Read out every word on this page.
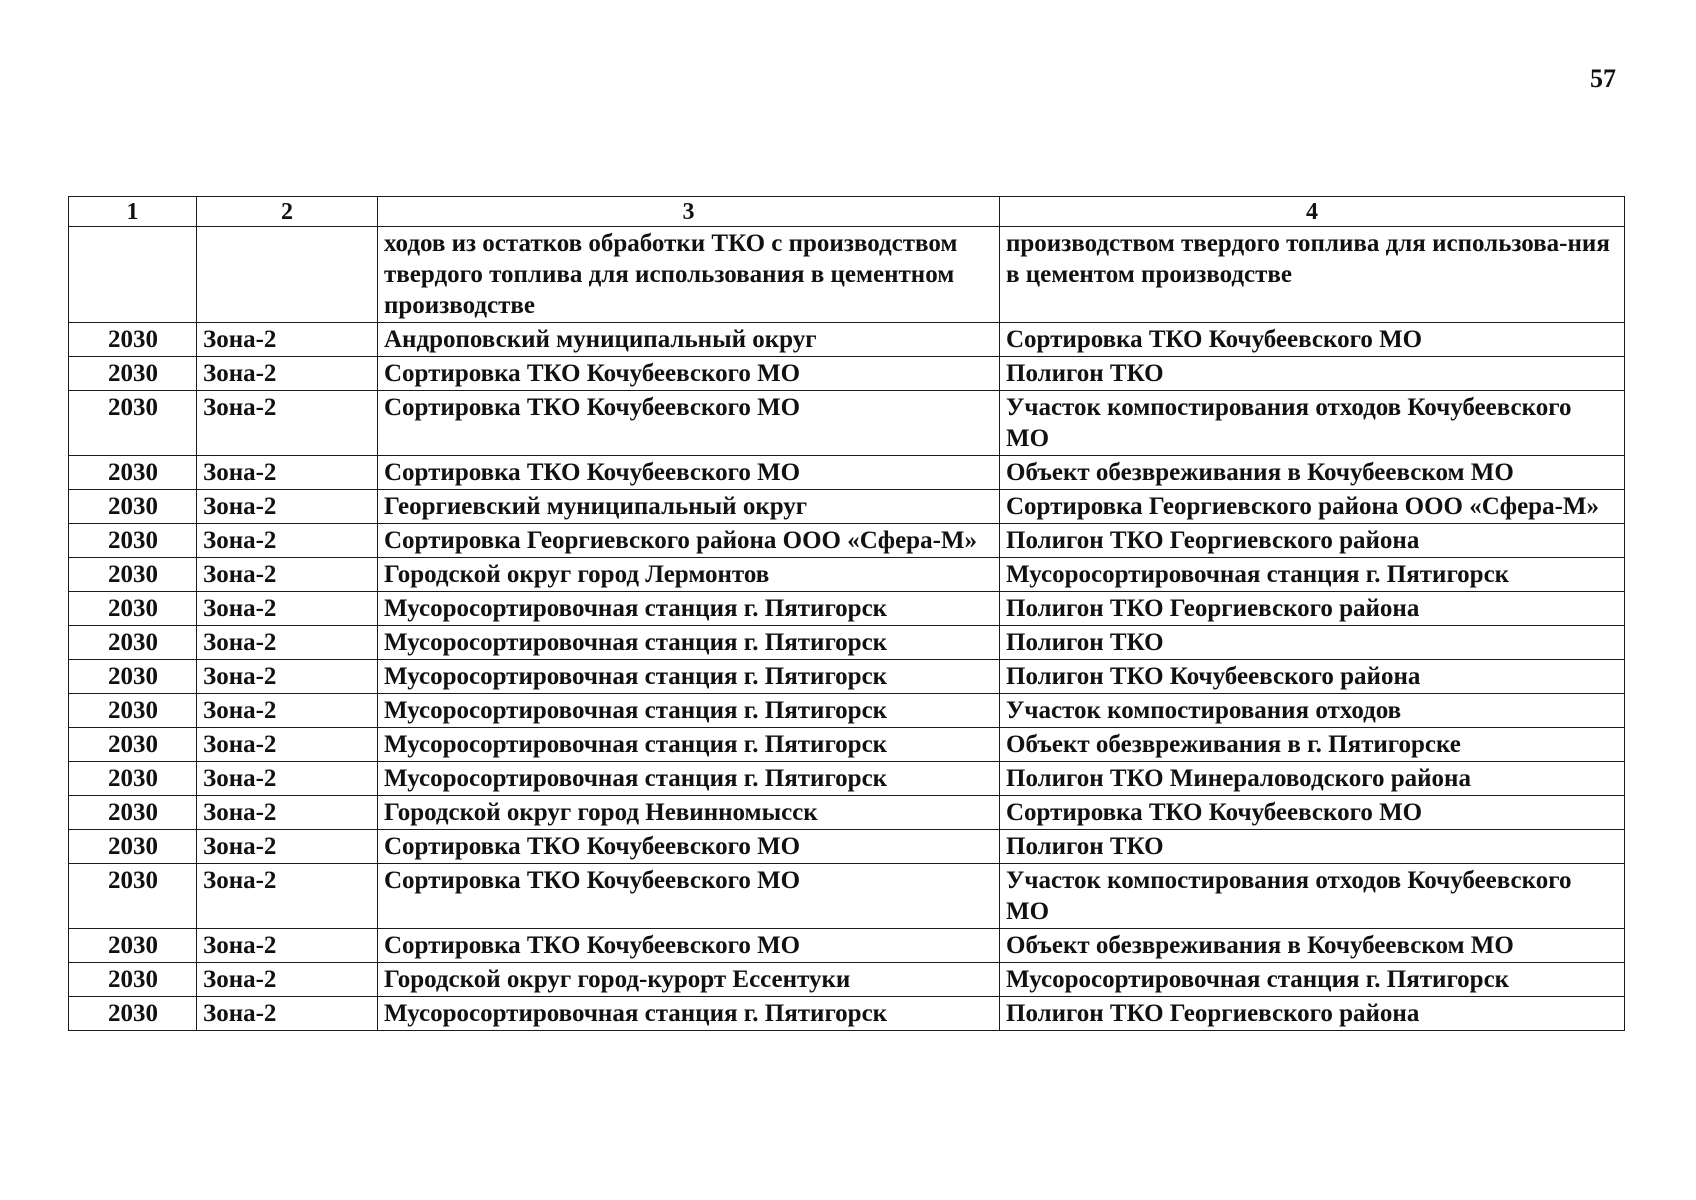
57
1	2	3	4
		ходов из остатков обработки ТКО с производством твердого топлива для использования в цементном производстве	производством твердого топлива для использова-ния в цементом производстве
2030	Зона-2	Андроповский муниципальный округ	Сортировка ТКО Кочубеевского МО
2030	Зона-2	Сортировка ТКО Кочубеевского МО	Полигон ТКО
2030	Зона-2	Сортировка ТКО Кочубеевского МО	Участок компостирования отходов Кочубеевского МО
2030	Зона-2	Сортировка ТКО Кочубеевского МО	Объект обезвреживания в Кочубеевском МО
2030	Зона-2	Георгиевский муниципальный округ	Сортировка Георгиевского района ООО «Сфера-М»
2030	Зона-2	Сортировка Георгиевского района ООО «Сфера-М»	Полигон ТКО Георгиевского района
2030	Зона-2	Городской округ город Лермонтов	Мусоросортировочная станция г. Пятигорск
2030	Зона-2	Мусоросортировочная станция г. Пятигорск	Полигон ТКО Георгиевского района
2030	Зона-2	Мусоросортировочная станция г. Пятигорск	Полигон ТКО
2030	Зона-2	Мусоросортировочная станция г. Пятигорск	Полигон ТКО Кочубеевского района
2030	Зона-2	Мусоросортировочная станция г. Пятигорск	Участок компостирования отходов
2030	Зона-2	Мусоросортировочная станция г. Пятигорск	Объект обезвреживания в г. Пятигорске
2030	Зона-2	Мусоросортировочная станция г. Пятигорск	Полигон ТКО Минераловодского района
2030	Зона-2	Городской округ город Невинномысск	Сортировка ТКО Кочубеевского МО
2030	Зона-2	Сортировка ТКО Кочубеевского МО	Полигон ТКО
2030	Зона-2	Сортировка ТКО Кочубеевского МО	Участок компостирования отходов Кочубеевского МО
2030	Зона-2	Сортировка ТКО Кочубеевского МО	Объект обезвреживания в Кочубеевском МО
2030	Зона-2	Городской округ город-курорт Ессентуки	Мусоросортировочная станция г. Пятигорск
2030	Зона-2	Мусоросортировочная станция г. Пятигорск	Полигон ТКО Георгиевского района
